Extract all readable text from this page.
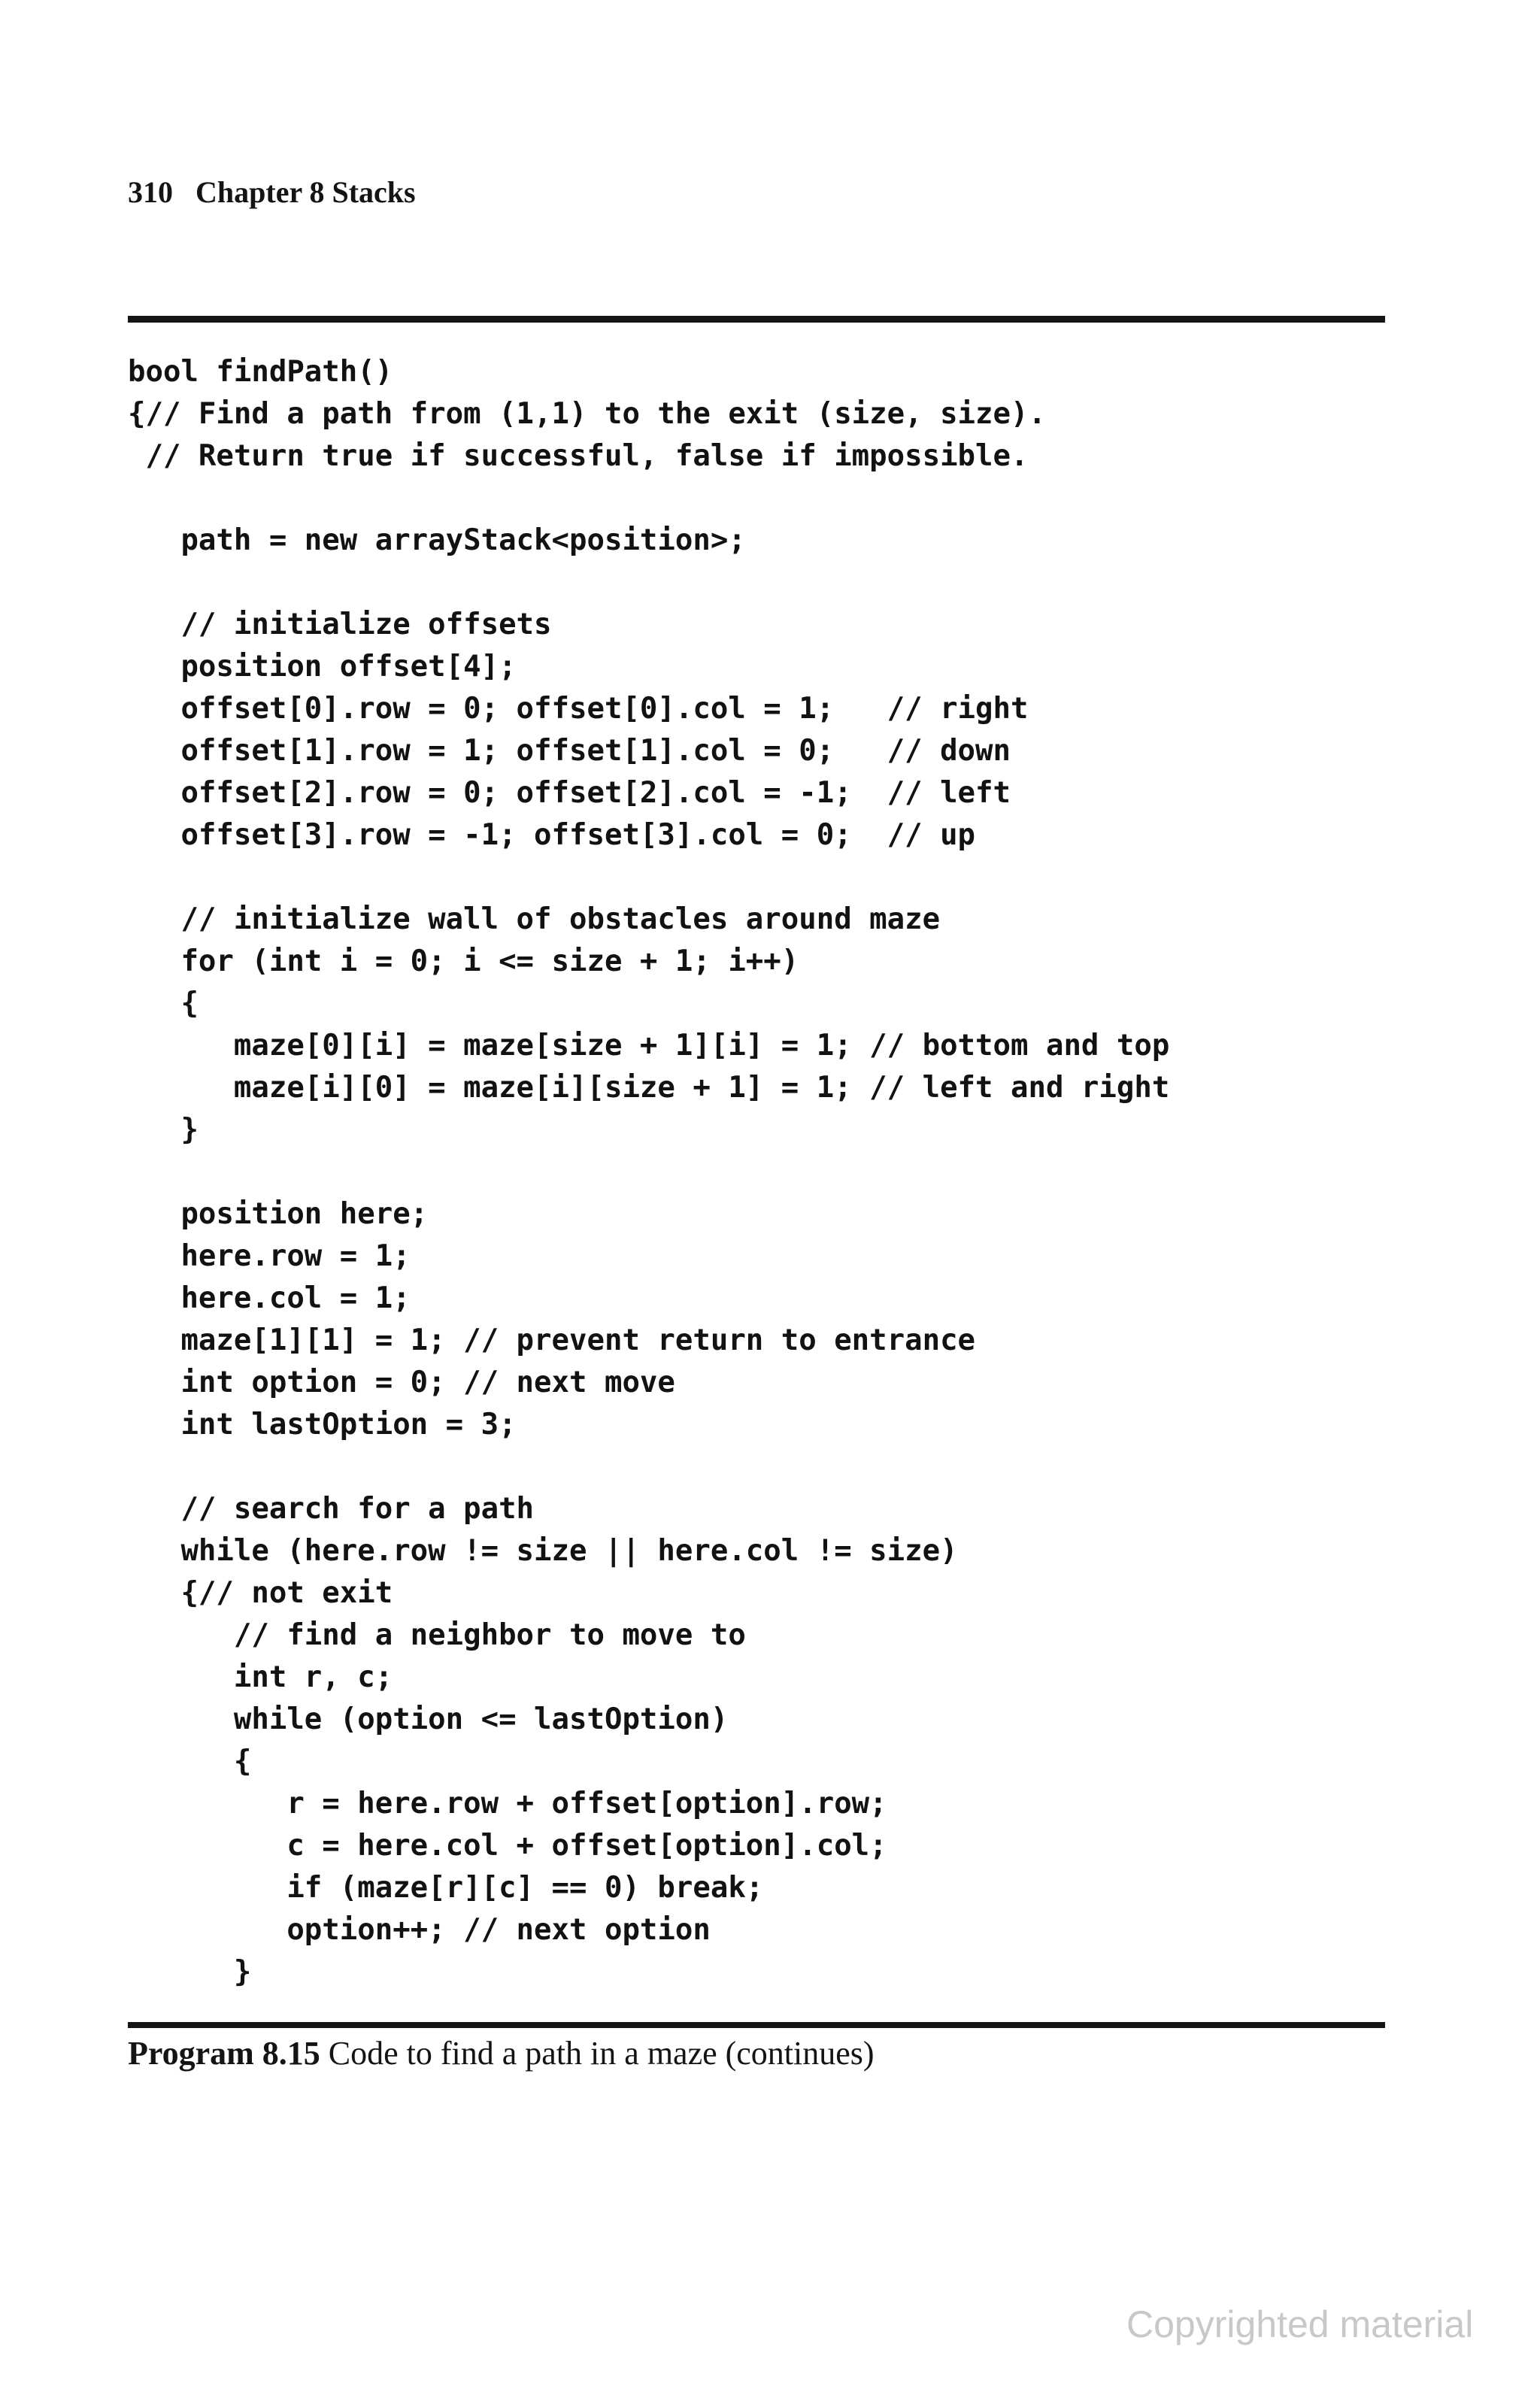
310 Chapter 8 Stacks
bool findPath()
{// Find a path from (1,1) to the exit (size, size).
// Return true if successful, false if impossible.
path = new arrayStack<position>;
// initialize offsets
position offset[4];
offset[0].row = 0; offset[0].col = 1;   // right
offset[1].row = 1; offset[1].col = 0;   // down
offset[2].row = 0; offset[2].col = -1;  // left
offset[3].row = -1; offset[3].col = 0;  // up
// initialize wall of obstacles around maze
for (int i = 0; i <= size + 1; i++)
{
maze[0][i] = maze[size + 1][i] = 1; // bottom and top
maze[i][0] = maze[i][size + 1] = 1; // left and right
}
position here;
here.row = 1;
here.col = 1;
maze[1][1] = 1; // prevent return to entrance
int option = 0; // next move
int lastOption = 3;
// search for a path
while (here.row != size || here.col != size)
{// not exit
// find a neighbor to move to
int r, c;
while (option <= lastOption)
{
r = here.row + offset[option].row;
c = here.col + offset[option].col;
if (maze[r][c] == 0) break;
option++; // next option
}
Program 8.15 Code to find a path in a maze (continues)
Copyrighted material
